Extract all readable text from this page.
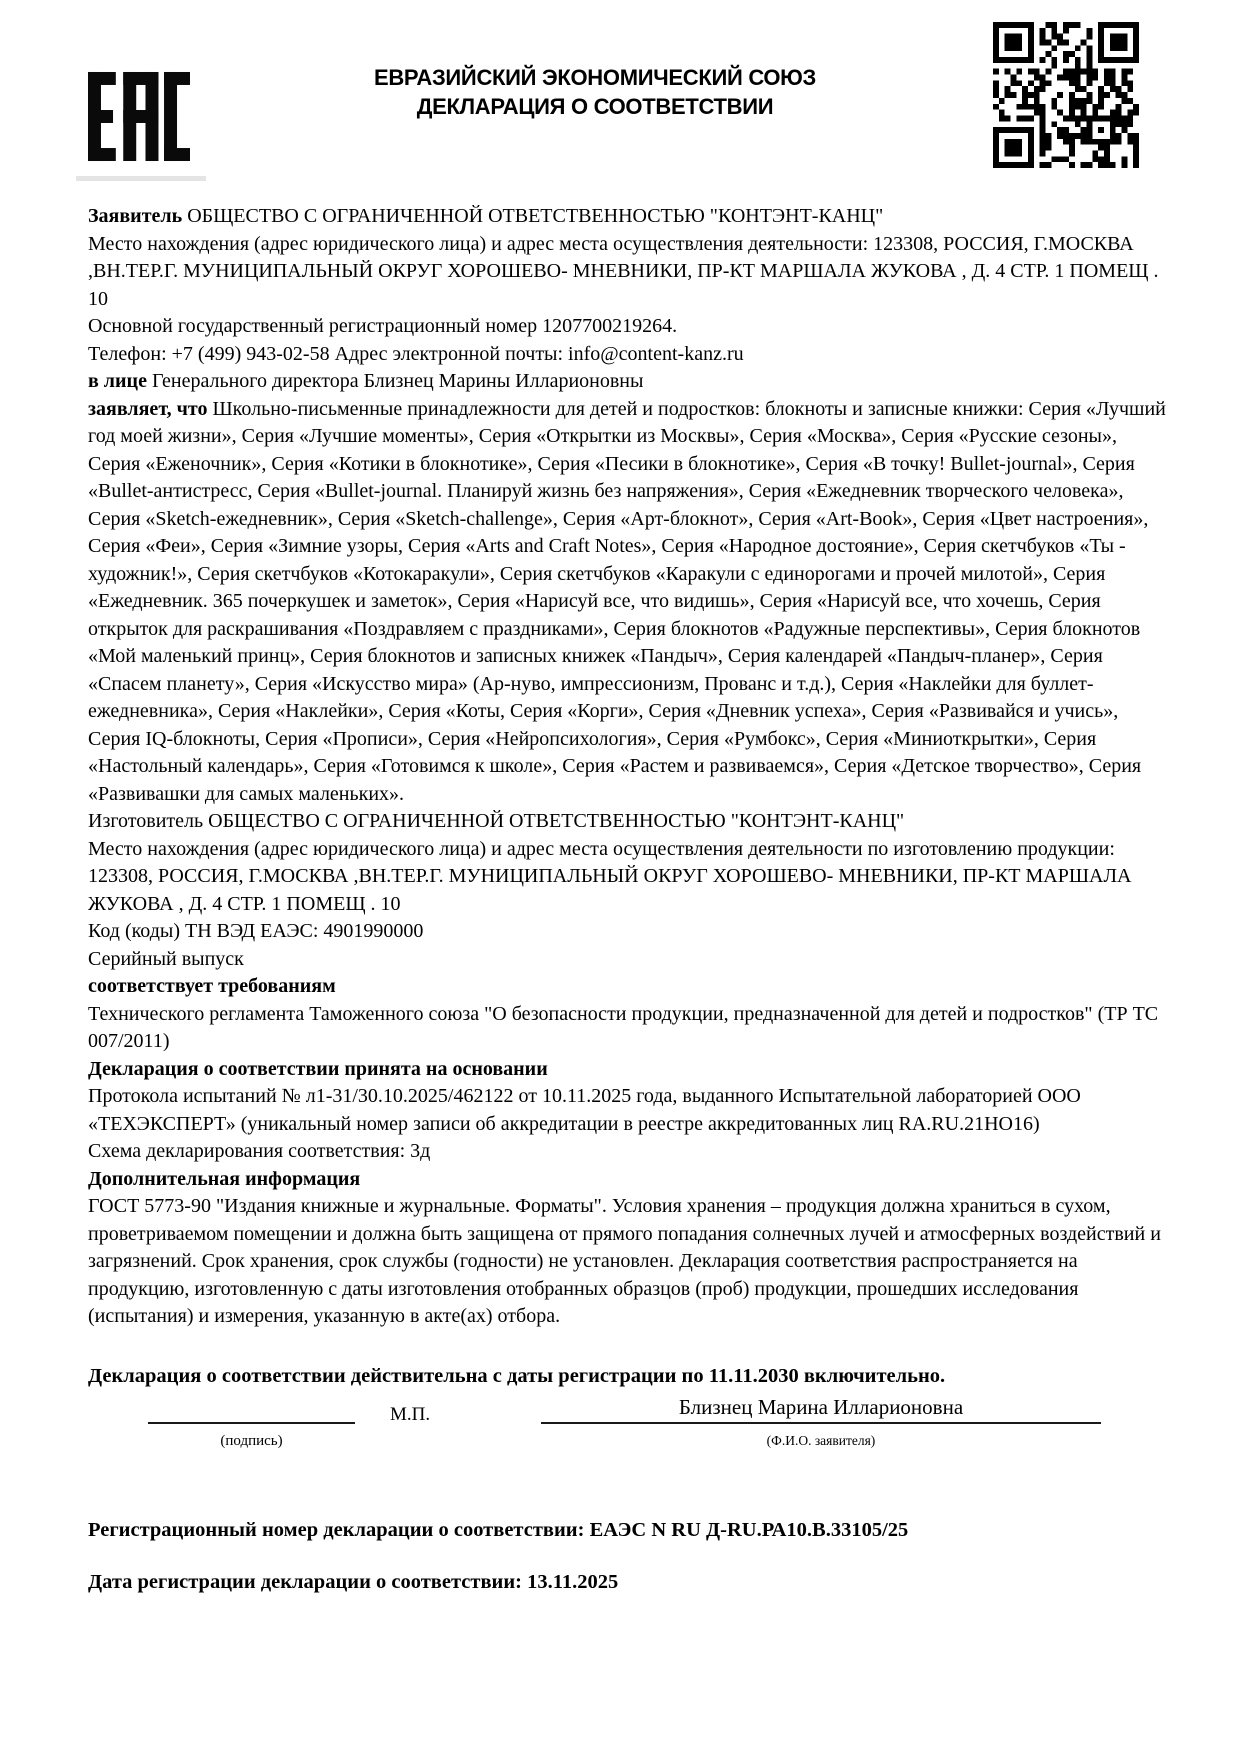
ЕВРАЗИЙСКИЙ ЭКОНОМИЧЕСКИЙ СОЮЗ
ДЕКЛАРАЦИЯ О СООТВЕТСТВИИ
Заявитель ОБЩЕСТВО С ОГРАНИЧЕННОЙ ОТВЕТСТВЕННОСТЬЮ "КОНТЭНТ-КАНЦ"
Место нахождения (адрес юридического лица) и адрес места осуществления деятельности: 123308, РОССИЯ, Г.МОСКВА ,ВН.ТЕР.Г. МУНИЦИПАЛЬНЫЙ ОКРУГ ХОРОШЕВО- МНЕВНИКИ, ПР-КТ МАРШАЛА ЖУКОВА , Д. 4 СТР. 1 ПОМЕЩ . 10
Основной государственный регистрационный номер 1207700219264.
Телефон: +7 (499) 943-02-58 Адрес электронной почты: info@content-kanz.ru
в лице Генерального директора Близнец Марины Илларионовны
заявляет, что Школьно-письменные принадлежности для детей и подростков: блокноты и записные книжки: Серия «Лучший год моей жизни», Серия «Лучшие моменты», Серия «Открытки из Москвы», Серия «Москва», Серия «Русские сезоны», Серия «Еженочник», Серия «Котики в блокнотике», Серия «Песики в блокнотике», Серия «В точку! Bullet-journal», Серия «Bullet-антистресс, Серия «Bullet-journal. Планируй жизнь без напряжения», Серия «Ежедневник творческого человека», Серия «Sketch-ежедневник», Серия «Sketch-challenge», Серия «Арт-блокнот», Серия «Art-Book», Серия «Цвет настроения», Серия «Феи», Серия «Зимние узоры, Серия «Arts and Craft Notes», Серия «Народное достояние», Серия скетчбуков «Ты - художник!», Серия скетчбуков «Котокаракули», Серия скетчбуков «Каракули с единорогами и прочей милотой», Серия «Ежедневник. 365 почеркушек и заметок», Серия «Нарисуй все, что видишь», Серия «Нарисуй все, что хочешь, Серия открыток для раскрашивания «Поздравляем с праздниками», Серия блокнотов «Радужные перспективы», Серия блокнотов «Мой маленький принц», Серия блокнотов и записных книжек «Пандыч», Серия календарей «Пандыч-планер», Серия «Спасем планету», Серия «Искусство мира» (Ар-нуво, импрессионизм, Прованс и т.д.), Серия «Наклейки для буллет-ежедневника», Серия «Наклейки», Серия «Коты, Серия «Корги», Серия «Дневник успеха», Серия «Развивайся и учись», Серия IQ-блокноты, Серия «Прописи», Серия «Нейропсихология», Серия «Румбокс», Серия «Миниоткрытки», Серия «Настольный календарь», Серия «Готовимся к школе», Серия «Растем и развиваемся», Серия «Детское творчество», Серия «Развивашки для самых маленьких».
Изготовитель ОБЩЕСТВО С ОГРАНИЧЕННОЙ ОТВЕТСТВЕННОСТЬЮ "КОНТЭНТ-КАНЦ"
Место нахождения (адрес юридического лица) и адрес места осуществления деятельности по изготовлению продукции: 123308, РОССИЯ, Г.МОСКВА ,ВН.ТЕР.Г. МУНИЦИПАЛЬНЫЙ ОКРУГ ХОРОШЕВО- МНЕВНИКИ, ПР-КТ МАРШАЛА ЖУКОВА , Д. 4 СТР. 1 ПОМЕЩ . 10
Код (коды) ТН ВЭД ЕАЭС: 4901990000
Серийный выпуск
соответствует требованиям
Технического регламента Таможенного союза "О безопасности продукции, предназначенной для детей и подростков" (ТР ТС 007/2011)
Декларация о соответствии принята на основании
Протокола испытаний № л1-31/30.10.2025/462122 от 10.11.2025 года, выданного Испытательной лабораторией ООО «ТЕХЭКСПЕРТ» (уникальный номер записи об аккредитации в реестре аккредитованных лиц RA.RU.21НО16)
Схема декларирования соответствия: 3д
Дополнительная информация
ГОСТ 5773-90 "Издания книжные и журнальные. Форматы". Условия хранения – продукция должна храниться в сухом, проветриваемом помещении и должна быть защищена от прямого попадания солнечных лучей и атмосферных воздействий и загрязнений. Срок хранения, срок службы (годности) не установлен. Декларация соответствия распространяется на продукцию, изготовленную с даты изготовления отобранных образцов (проб) продукции, прошедших исследования (испытания) и измерения, указанную в акте(ах) отбора.
Декларация о соответствии действительна с даты регистрации по 11.11.2030 включительно.
М.П.	Близнец Марина Илларионовна
(подпись)	(Ф.И.О. заявителя)
Регистрационный номер декларации о соответствии: ЕАЭС N RU Д-RU.РА10.В.33105/25
Дата регистрации декларации о соответствии: 13.11.2025
